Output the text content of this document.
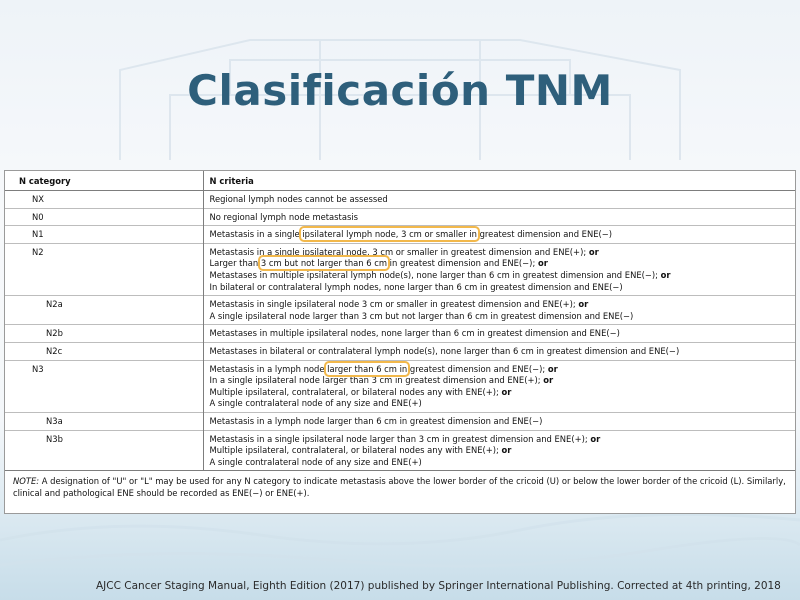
Clasificación TNM
N category	N criteria
NX	Regional lymph nodes cannot be assessed

N0	No regional lymph node metastasis

N1	Metastasis in a single ipsilateral lymph node, 3 cm or smaller in greatest dimension and ENE(−)

N2	Metastasis in a single ipsilateral node, 3 cm or smaller in greatest dimension and ENE(+); or
Larger than 3 cm but not larger than 6 cm in greatest dimension and ENE(−); or
Metastases in multiple ipsilateral lymph node(s), none larger than 6 cm in greatest dimension and ENE(−); or
In bilateral or contralateral lymph nodes, none larger than 6 cm in greatest dimension and ENE(−)

N2a	Metastasis in single ipsilateral node 3 cm or smaller in greatest dimension and ENE(+); or
A single ipsilateral node larger than 3 cm but not larger than 6 cm in greatest dimension and ENE(−)

N2b	Metastases in multiple ipsilateral nodes, none larger than 6 cm in greatest dimension and ENE(−)

N2c	Metastases in bilateral or contralateral lymph node(s), none larger than 6 cm in greatest dimension and ENE(−)

N3	Metastasis in a lymph node larger than 6 cm in greatest dimension and ENE(−); or
In a single ipsilateral node larger than 3 cm in greatest dimension and ENE(+); or
Multiple ipsilateral, contralateral, or bilateral nodes any with ENE(+); or
A single contralateral node of any size and ENE(+)

N3a	Metastasis in a lymph node larger than 6 cm in greatest dimension and ENE(−)

N3b	Metastasis in a single ipsilateral node larger than 3 cm in greatest dimension and ENE(+); or
Multiple ipsilateral, contralateral, or bilateral nodes any with ENE(+); or
A single contralateral node of any size and ENE(+)

NOTE: A designation of "U" or "L" may be used for any N category to indicate metastasis above the lower border of the cricoid (U) or below the lower border of the cricoid (L). Similarly, clinical and pathological ENE should be recorded as ENE(−) or ENE(+).	
AJCC Cancer Staging Manual, Eighth Edition (2017) published by Springer International Publishing. Corrected at 4th printing, 2018
